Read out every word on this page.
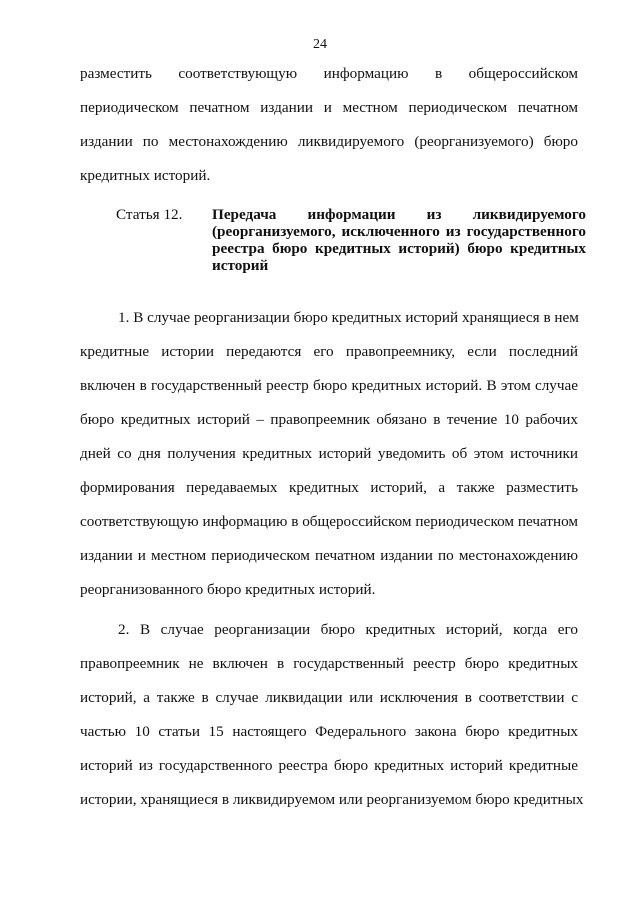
24
разместить соответствующую информацию в общероссийском
периодическом печатном издании и местном периодическом печатном
издании по местонахождению ликвидируемого (реорганизуемого) бюро
кредитных историй.
Статья 12. Передача информации из ликвидируемого
(реорганизуемого, исключенного из государственного
реестра бюро кредитных историй) бюро кредитных
историй
1. В случае реорганизации бюро кредитных историй хранящиеся в нем
кредитные истории передаются его правопреемнику, если последний
включен в государственный реестр бюро кредитных историй. В этом случае
бюро кредитных историй – правопреемник обязано в течение 10 рабочих
дней со дня получения кредитных историй уведомить об этом источники
формирования передаваемых кредитных историй, а также разместить
соответствующую информацию в общероссийском периодическом печатном
издании и местном периодическом печатном издании по местонахождению
реорганизованного бюро кредитных историй.
2. В случае реорганизации бюро кредитных историй, когда его
правопреемник не включен в государственный реестр бюро кредитных
историй, а также в случае ликвидации или исключения в соответствии с
частью 10 статьи 15 настоящего Федерального закона бюро кредитных
историй из государственного реестра бюро кредитных историй кредитные
истории, хранящиеся в ликвидируемом или реорганизуемом бюро кредитных
